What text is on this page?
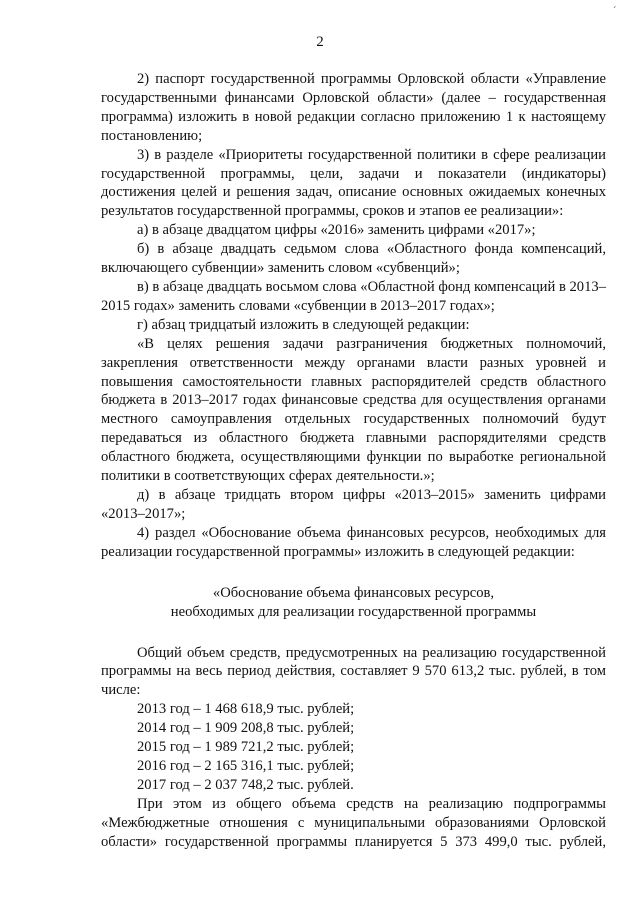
´
2

2) паспорт государственной программы Орловской области «Управление государственными финансами Орловской области» (далее – государственная программа) изложить в новой редакции согласно приложению 1 к настоящему постановлению;

3) в разделе «Приоритеты государственной политики в сфере реализации государственной программы, цели, задачи и показатели (индикаторы) достижения целей и решения задач, описание основных ожидаемых конечных результатов государственной программы, сроков и этапов ее реализации»:

а) в абзаце двадцатом цифры «2016» заменить цифрами «2017»;

б) в абзаце двадцать седьмом слова «Областного фонда компенсаций, включающего субвенции» заменить словом «субвенций»;

в) в абзаце двадцать восьмом слова «Областной фонд компенсаций в 2013–2015 годах» заменить словами «субвенции в 2013–2017 годах»;

г) абзац тридцатый изложить в следующей редакции:

«В целях решения задачи разграничения бюджетных полномочий, закрепления ответственности между органами власти разных уровней и повышения самостоятельности главных распорядителей средств областного бюджета в 2013–2017 годах финансовые средства для осуществления органами местного самоуправления отдельных государственных полномочий будут передаваться из областного бюджета главными распорядителями средств областного бюджета, осуществляющими функции по выработке региональной политики в соответствующих сферах деятельности.»;

д) в абзаце тридцать втором цифры «2013–2015» заменить цифрами «2013–2017»;

4) раздел «Обоснование объема финансовых ресурсов, необходимых для реализации государственной программы» изложить в следующей редакции:

«Обоснование объема финансовых ресурсов,
необходимых для реализации государственной программы

Общий объем средств, предусмотренных на реализацию государственной программы на весь период действия, составляет 9 570 613,2 тыс. рублей, в том числе:

2013 год – 1 468 618,9 тыс. рублей;

2014 год – 1 909 208,8 тыс. рублей;

2015 год – 1 989 721,2 тыс. рублей;

2016 год – 2 165 316,1 тыс. рублей;

2017 год – 2 037 748,2 тыс. рублей.

При этом из общего объема средств на реализацию подпрограммы «Межбюджетные отношения с муниципальными образованиями Орловской области» государственной программы планируется 5 373 499,0 тыс. рублей,
